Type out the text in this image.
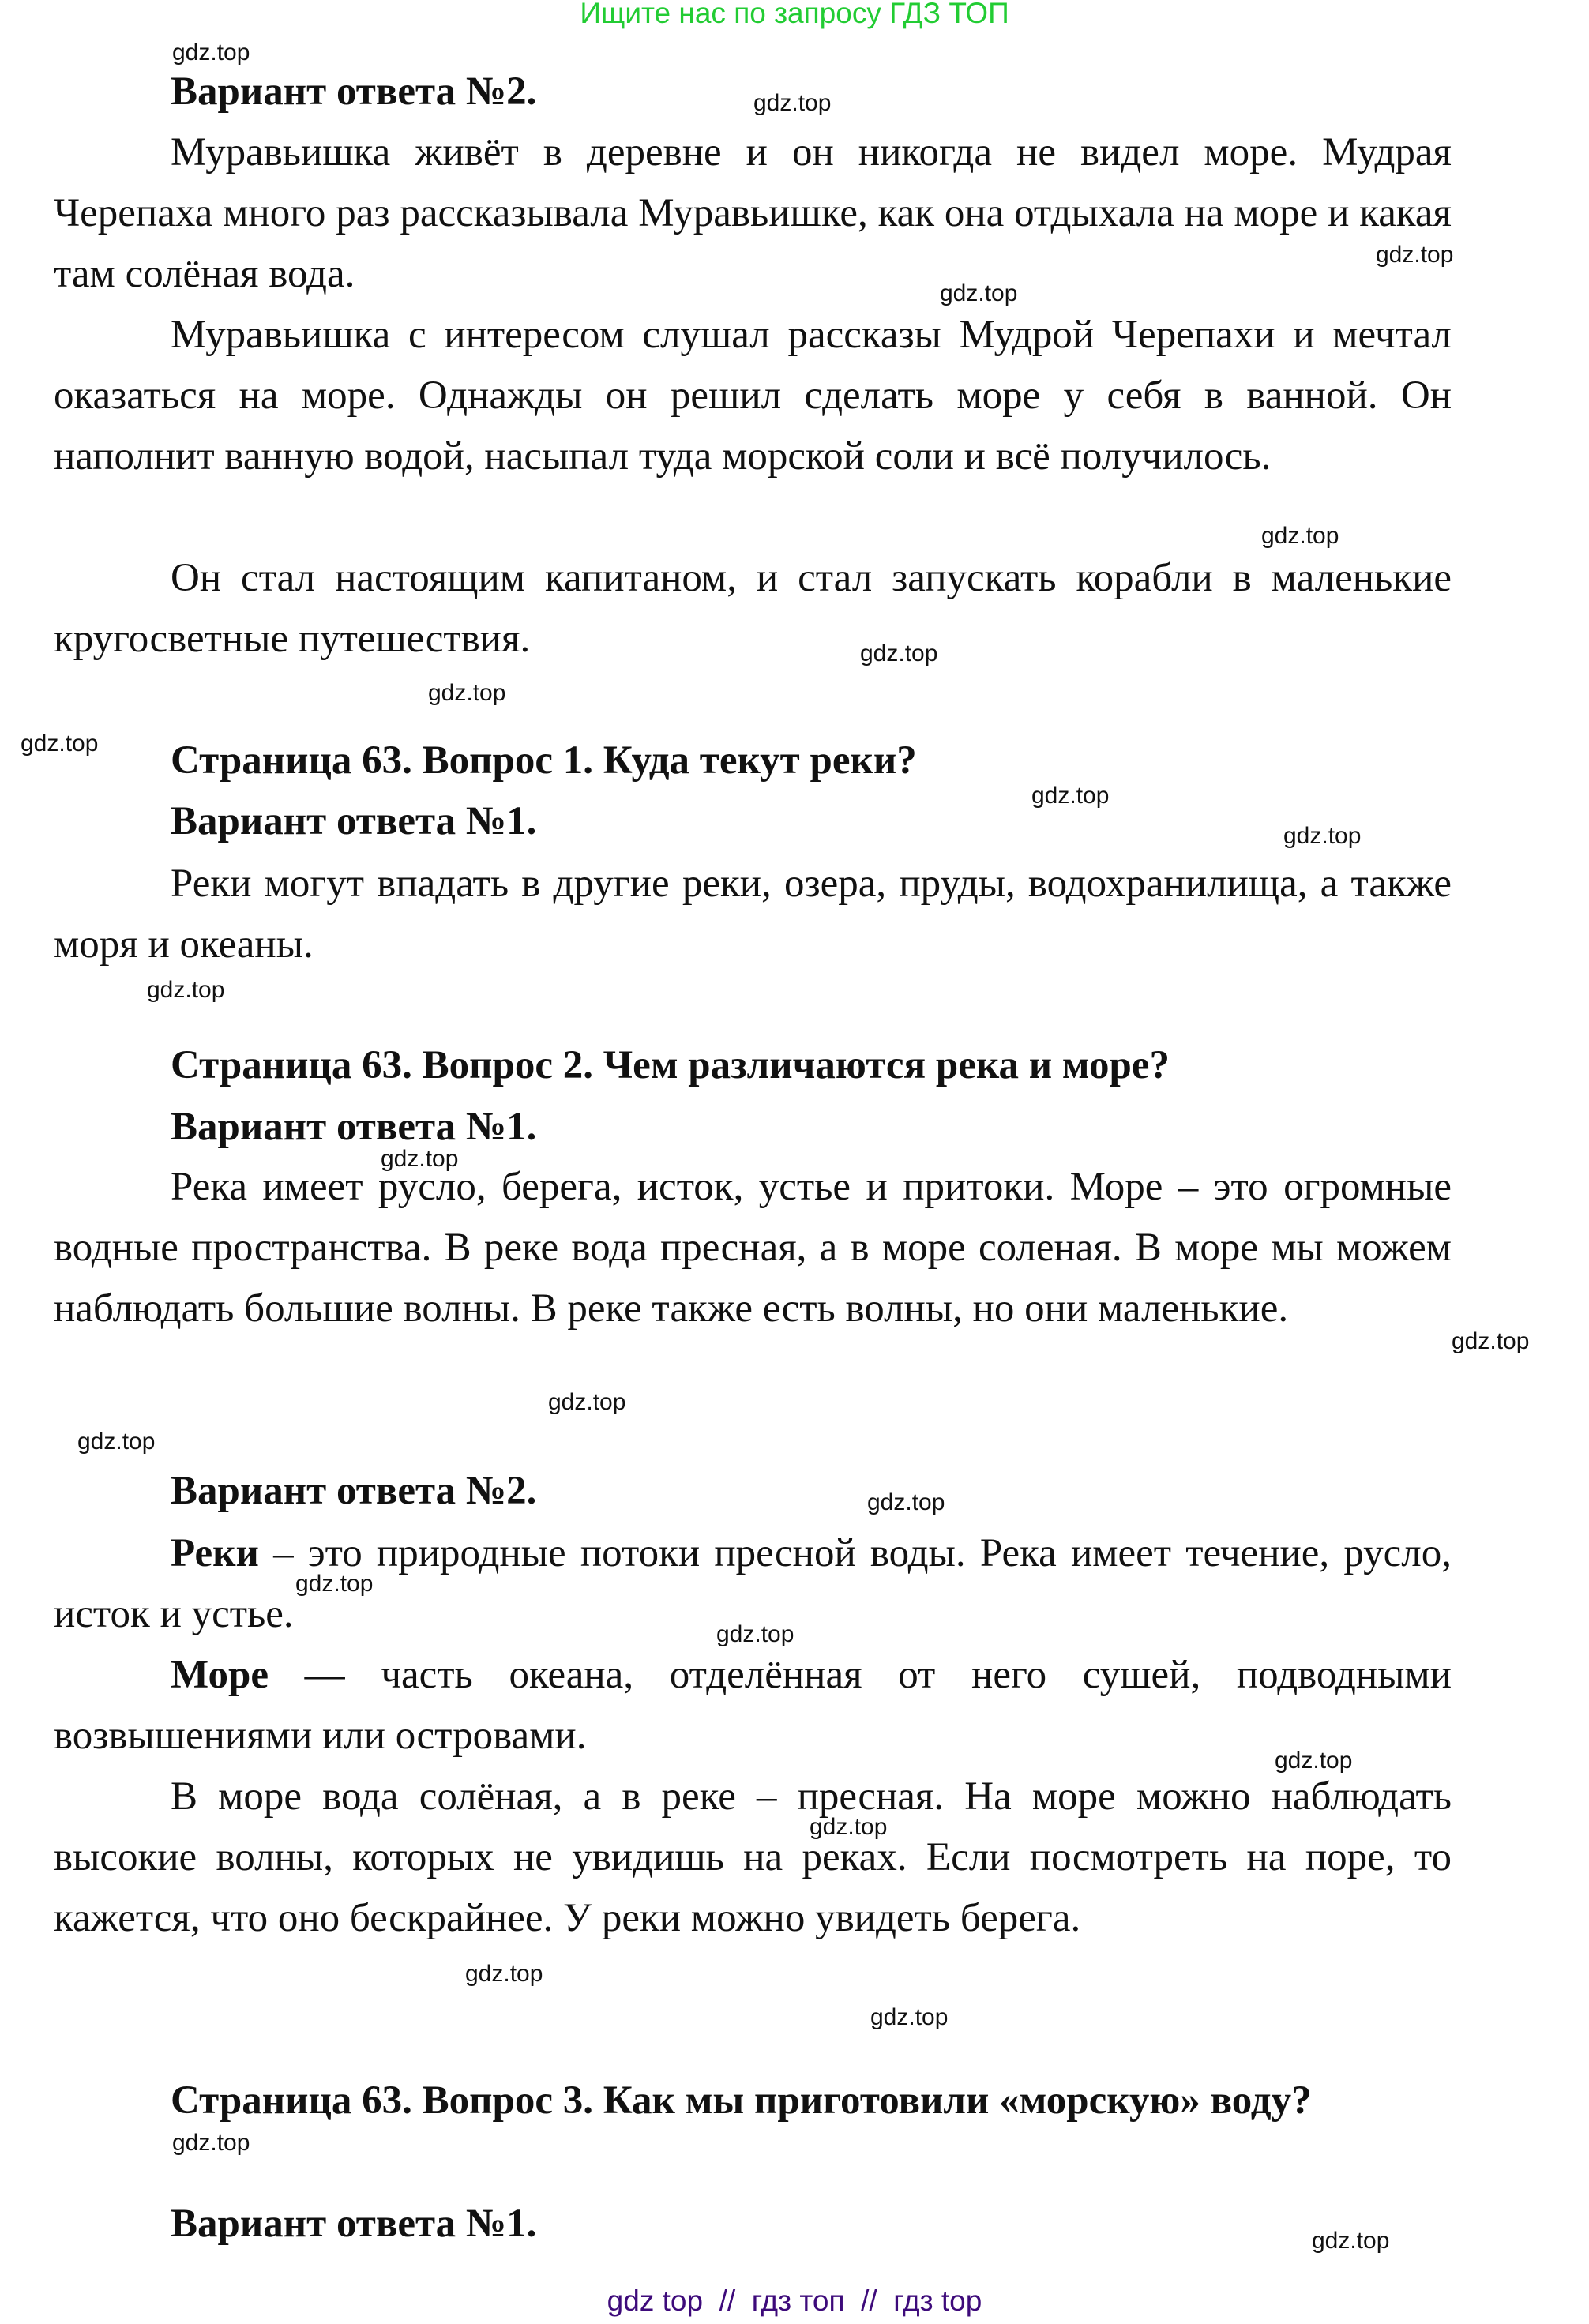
Ищите нас по запросу ГДЗ ТОП

Вариант ответа №2.

Муравьишка живёт в деревне и он никогда не видел море. Мудрая Черепаха много раз рассказывала Муравьишке, как она отдыхала на море и какая там солёная вода.

Муравьишка с интересом слушал рассказы Мудрой Черепахи и мечтал оказаться на море. Однажды он решил сделать море у себя в ванной. Он наполнит ванную водой, насыпал туда морской соли и всё получилось.

Он стал настоящим капитаном, и стал запускать корабли в маленькие кругосветные путешествия.

Страница 63. Вопрос 1. Куда текут реки?

Вариант ответа №1.

Реки могут впадать в другие реки, озера, пруды, водохранилища, а также моря и океаны.

Страница 63. Вопрос 2. Чем различаются река и море?

Вариант ответа №1.

Река имеет русло, берега, исток, устье и притоки. Море – это огромные водные пространства. В реке вода пресная, а в море соленая. В море мы можем наблюдать большие волны. В реке также есть волны, но они маленькие.

Вариант ответа №2.

Реки – это природные потоки пресной воды. Река имеет течение, русло, исток и устье.

Море — часть океана, отделённая от него сушей, подводными возвышениями или островами.

В море вода солёная, а в реке – пресная. На море можно наблюдать высокие волны, которых не увидишь на реках. Если посмотреть на поре, то кажется, что оно бескрайнее. У реки можно увидеть берега.

Страница 63. Вопрос 3. Как мы приготовили «морскую» воду?

Вариант ответа №1.

gdz.top
gdz.top
gdz.top
gdz.top
gdz.top
gdz.top
gdz.top
gdz.top
gdz.top
gdz.top
gdz.top
gdz.top
gdz.top
gdz.top
gdz.top
gdz.top
gdz.top
gdz.top
gdz.top
gdz.top
gdz.top
gdz.top
gdz.top
gdz.top
gdz top  //  гдз топ  //  гдз top
